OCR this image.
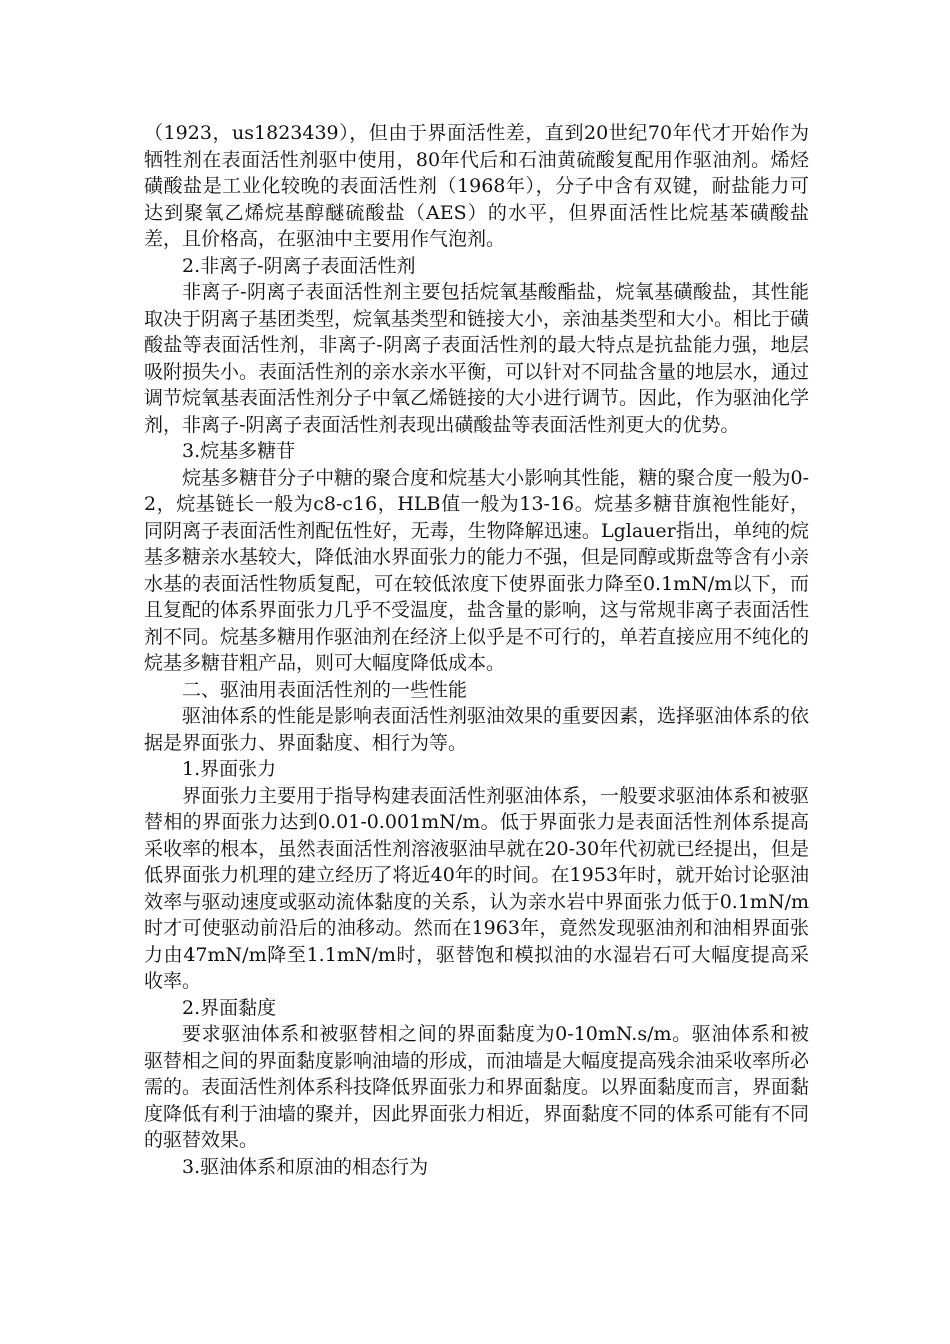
（1923，us1823439），但由于界面活性差，直到20世纪70年代才开始作为牺牲剂在表面活性剂驱中使用，80年代后和石油黄硫酸复配用作驱油剂。烯烃磺酸盐是工业化较晚的表面活性剂（1968年），分子中含有双键，耐盐能力可达到聚氧乙烯烷基醇醚硫酸盐（AES）的水平，但界面活性比烷基苯磺酸盐差，且价格高，在驱油中主要用作气泡剂。

2.非离子-阴离子表面活性剂

非离子-阴离子表面活性剂主要包括烷氧基酸酯盐，烷氧基磺酸盐，其性能取决于阴离子基团类型，烷氧基类型和链接大小，亲油基类型和大小。相比于磺酸盐等表面活性剂，非离子-阴离子表面活性剂的最大特点是抗盐能力强，地层吸附损失小。表面活性剂的亲水亲水平衡，可以针对不同盐含量的地层水，通过调节烷氧基表面活性剂分子中氧乙烯链接的大小进行调节。因此，作为驱油化学剂，非离子-阴离子表面活性剂表现出磺酸盐等表面活性剂更大的优势。

3.烷基多糖苷

烷基多糖苷分子中糖的聚合度和烷基大小影响其性能，糖的聚合度一般为0-2，烷基链长一般为c8-c16，HLB值一般为13-16。烷基多糖苷旗袍性能好，同阴离子表面活性剂配伍性好，无毒，生物降解迅速。Lglauer指出，单纯的烷基多糖亲水基较大，降低油水界面张力的能力不强，但是同醇或斯盘等含有小亲水基的表面活性物质复配，可在较低浓度下使界面张力降至0.1mN/m以下，而且复配的体系界面张力几乎不受温度，盐含量的影响，这与常规非离子表面活性剂不同。烷基多糖用作驱油剂在经济上似乎是不可行的，单若直接应用不纯化的烷基多糖苷粗产品，则可大幅度降低成本。

二、驱油用表面活性剂的一些性能

驱油体系的性能是影响表面活性剂驱油效果的重要因素，选择驱油体系的依据是界面张力、界面黏度、相行为等。

1.界面张力

界面张力主要用于指导构建表面活性剂驱油体系，一般要求驱油体系和被驱替相的界面张力达到0.01-0.001mN/m。低于界面张力是表面活性剂体系提高采收率的根本，虽然表面活性剂溶液驱油早就在20-30年代初就已经提出，但是低界面张力机理的建立经历了将近40年的时间。在1953年时，就开始讨论驱油效率与驱动速度或驱动流体黏度的关系，认为亲水岩中界面张力低于0.1mN/m时才可使驱动前沿后的油移动。然而在1963年，竟然发现驱油剂和油相界面张力由47mN/m降至1.1mN/m时，驱替饱和模拟油的水湿岩石可大幅度提高采收率。

2.界面黏度

要求驱油体系和被驱替相之间的界面黏度为0-10mN.s/m。驱油体系和被驱替相之间的界面黏度影响油墙的形成，而油墙是大幅度提高残余油采收率所必需的。表面活性剂体系科技降低界面张力和界面黏度。以界面黏度而言，界面黏度降低有利于油墙的聚并，因此界面张力相近，界面黏度不同的体系可能有不同的驱替效果。

3.驱油体系和原油的相态行为
